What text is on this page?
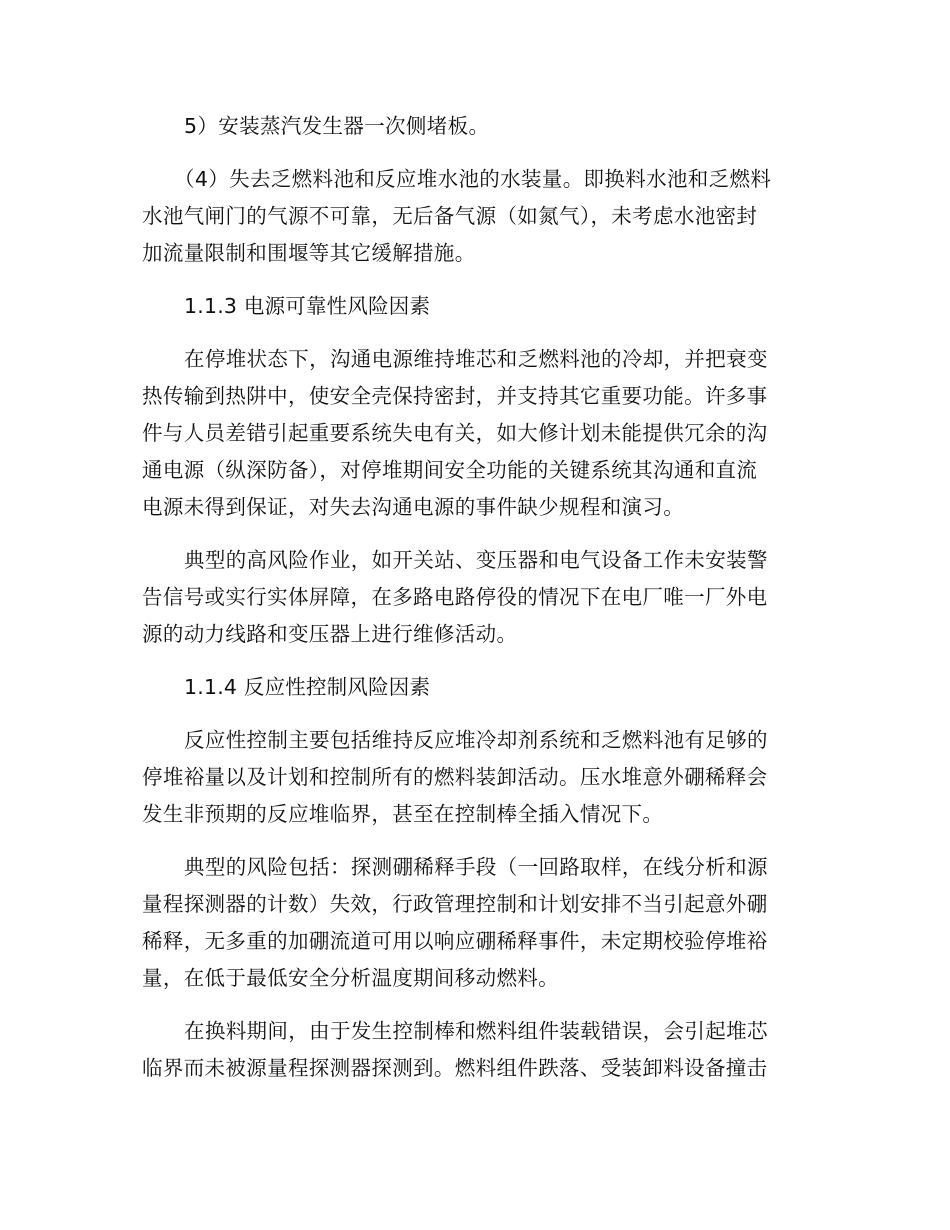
5）安装蒸汽发生器一次侧堵板。
（4）失去乏燃料池和反应堆水池的水装量。即换料水池和乏燃料
水池气闸门的气源不可靠，无后备气源（如氮气），未考虑水池密封
加流量限制和围堰等其它缓解措施。
1.1.3 电源可靠性风险因素
在停堆状态下，沟通电源维持堆芯和乏燃料池的冷却，并把衰变
热传输到热阱中，使安全壳保持密封，并支持其它重要功能。许多事
件与人员差错引起重要系统失电有关，如大修计划未能提供冗余的沟
通电源（纵深防备），对停堆期间安全功能的关键系统其沟通和直流
电源未得到保证，对失去沟通电源的事件缺少规程和演习。
典型的高风险作业，如开关站、变压器和电气设备工作未安装警
告信号或实行实体屏障，在多路电路停役的情况下在电厂唯一厂外电
源的动力线路和变压器上进行维修活动。
1.1.4 反应性控制风险因素
反应性控制主要包括维持反应堆冷却剂系统和乏燃料池有足够的
停堆裕量以及计划和控制所有的燃料装卸活动。压水堆意外硼稀释会
发生非预期的反应堆临界，甚至在控制棒全插入情况下。
典型的风险包括：探测硼稀释手段（一回路取样，在线分析和源
量程探测器的计数）失效，行政管理控制和计划安排不当引起意外硼
稀释，无多重的加硼流道可用以响应硼稀释事件，未定期校验停堆裕
量，在低于最低安全分析温度期间移动燃料。
在换料期间，由于发生控制棒和燃料组件装载错误，会引起堆芯
临界而未被源量程探测器探测到。燃料组件跌落、受装卸料设备撞击
